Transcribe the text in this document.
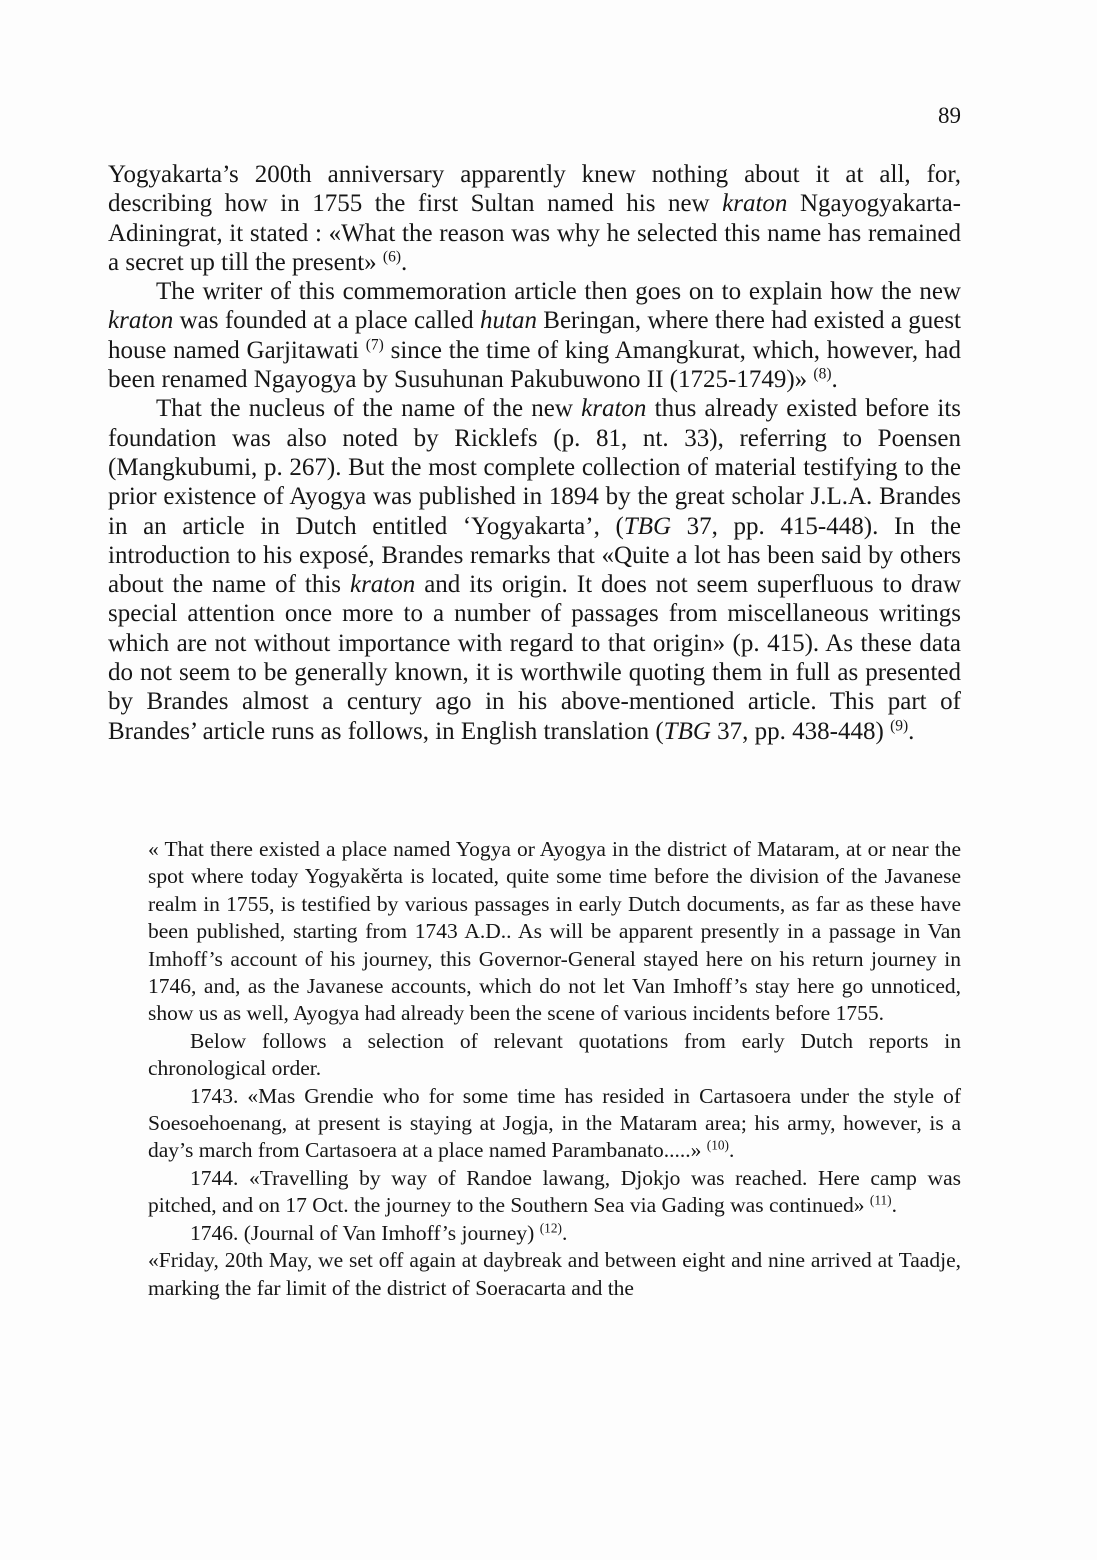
89

Yogyakarta’s 200th anniversary apparently knew nothing about it at all, for, describing how in 1755 the first Sultan named his new kraton Ngayogyakarta-Adiningrat, it stated : «What the reason was why he selected this name has remained a secret up till the present» $^{(6)}$.

The writer of this commemoration article then goes on to explain how the new kraton was founded at a place called hutan Beringan, where there had existed a guest house named Garjitawati $^{(7)}$ since the time of king Amangkurat, which, however, had been renamed Ngayogya by Susuhunan Pakubuwono II (1725-1749)» $^{(8)}$.

That the nucleus of the name of the new kraton thus already existed before its foundation was also noted by Ricklefs (p. 81, nt. 33), referring to Poensen (Mangkubumi, p. 267). But the most complete collection of material testifying to the prior existence of Ayogya was published in 1894 by the great scholar J.L.A. Brandes in an article in Dutch entitled ‘Yogyakarta’, (TBG 37, pp. 415-448). In the introduction to his exposé, Brandes remarks that «Quite a lot has been said by others about the name of this kraton and its origin. It does not seem superfluous to draw special attention once more to a number of passages from miscellaneous writings which are not without importance with regard to that origin» (p. 415). As these data do not seem to be generally known, it is worthwile quoting them in full as presented by Brandes almost a century ago in his above-mentioned article. This part of Brandes’ article runs as follows, in English translation (TBG 37, pp. 438-448) $^{(9)}$.

« That there existed a place named Yogya or Ayogya in the district of Mataram, at or near the spot where today Yogyakěrta is located, quite some time before the division of the Javanese realm in 1755, is testified by various passages in early Dutch documents, as far as these have been published, starting from 1743 A.D.. As will be apparent presently in a passage in Van Imhoff’s account of his journey, this Governor-General stayed here on his return journey in 1746, and, as the Javanese accounts, which do not let Van Imhoff’s stay here go unnoticed, show us as well, Ayogya had already been the scene of various incidents before 1755.

Below follows a selection of relevant quotations from early Dutch reports in chronological order.

1743. «Mas Grendie who for some time has resided in Cartasoera under the style of Soesoehoenang, at present is staying at Jogja, in the Mataram area; his army, however, is a day’s march from Cartasoera at a place named Parambanato.....» $^{(10)}$.

1744. «Travelling by way of Randoe lawang, Djokjo was reached. Here camp was pitched, and on 17 Oct. the journey to the Southern Sea via Gading was continued» $^{(11)}$.

1746. (Journal of Van Imhoff’s journey) $^{(12)}$.

«Friday, 20th May, we set off again at daybreak and between eight and nine arrived at Taadje, marking the far limit of the district of Soeracarta and the
